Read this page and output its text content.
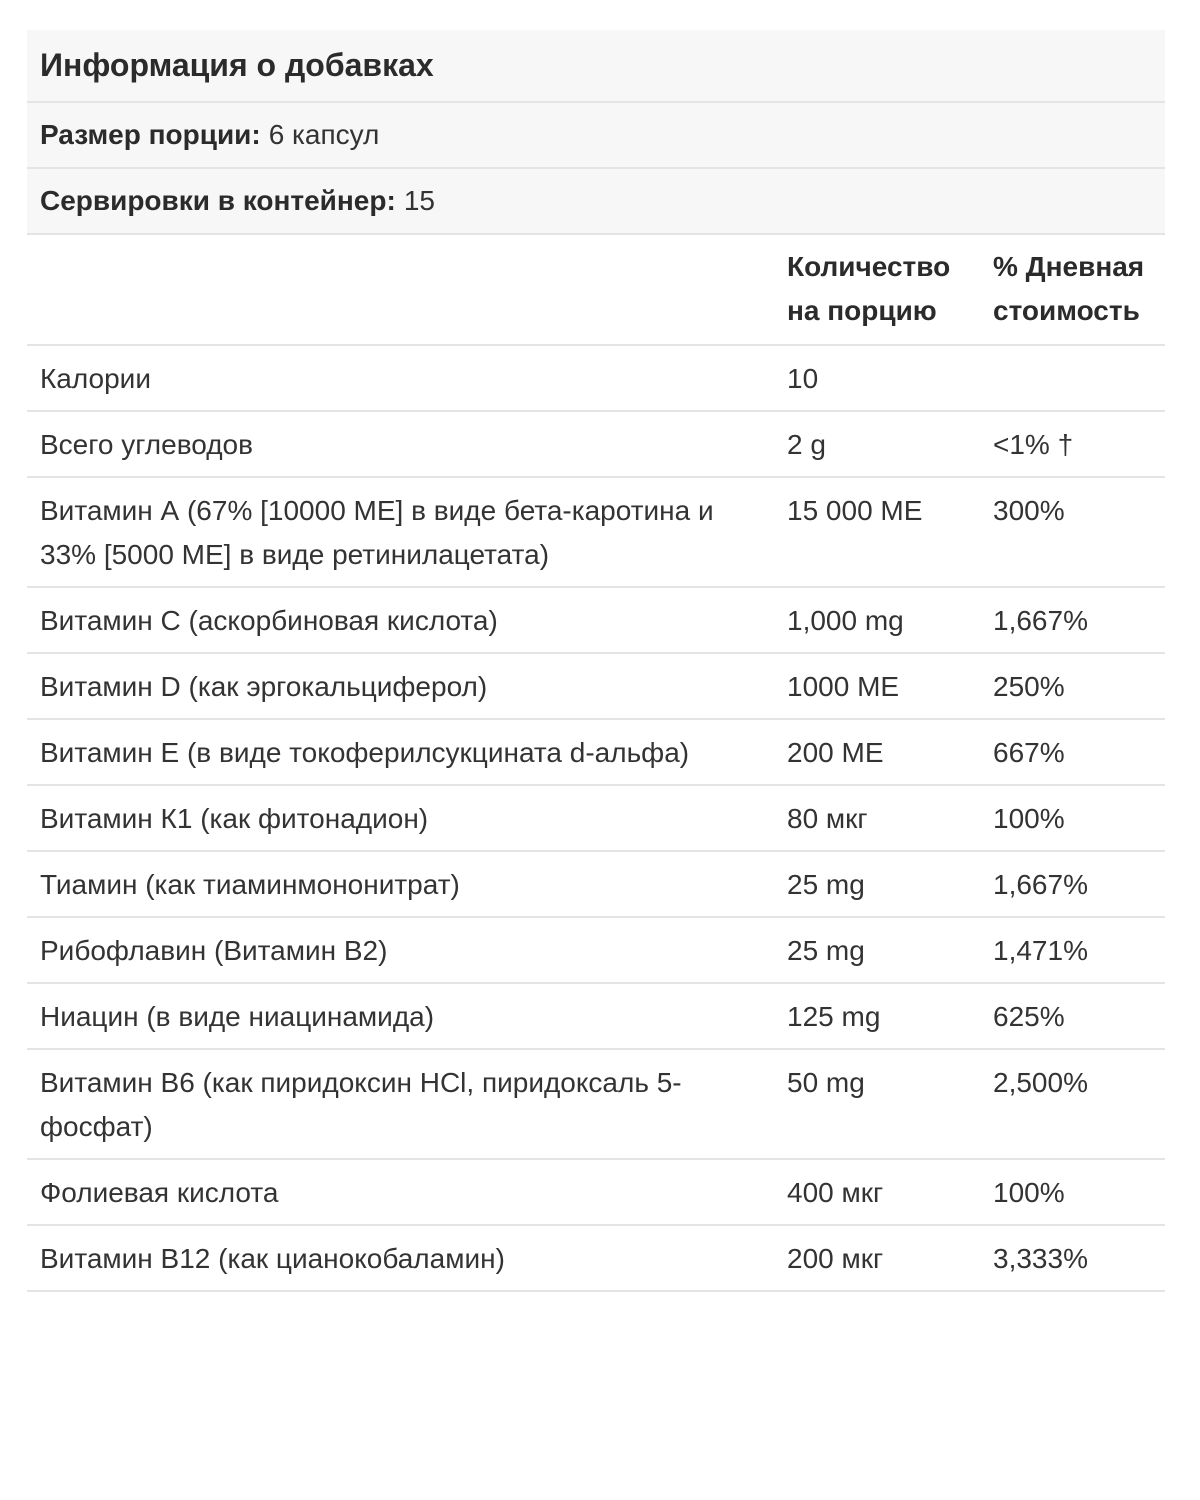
Информация о добавках
Размер порции: 6 капсул
Сервировки в контейнер: 15
	Количество на порцию	% Дневная стоимость
Калории	10	
Всего углеводов	2 g	<1% †
Витамин А (67% [10000 МЕ] в виде бета-каротина и 33% [5000 МЕ] в виде ретинилацетата)	15 000 МЕ	300%
Витамин С (аскорбиновая кислота)	1,000 mg	1,667%
Витамин D (как эргокальциферол)	1000 МЕ	250%
Витамин Е (в виде токоферилсукцината d-альфа)	200 МЕ	667%
Витамин К1 (как фитонадион)	80 мкг	100%
Тиамин (как тиаминмононитрат)	25 mg	1,667%
Рибофлавин (Витамин В2)	25 mg	1,471%
Ниацин (в виде ниацинамида)	125 mg	625%
Витамин В6 (как пиридоксин HCl, пиридоксаль 5-фосфат)	50 mg	2,500%
Фолиевая кислота	400 мкг	100%
Витамин В12 (как цианокобаламин)	200 мкг	3,333%
